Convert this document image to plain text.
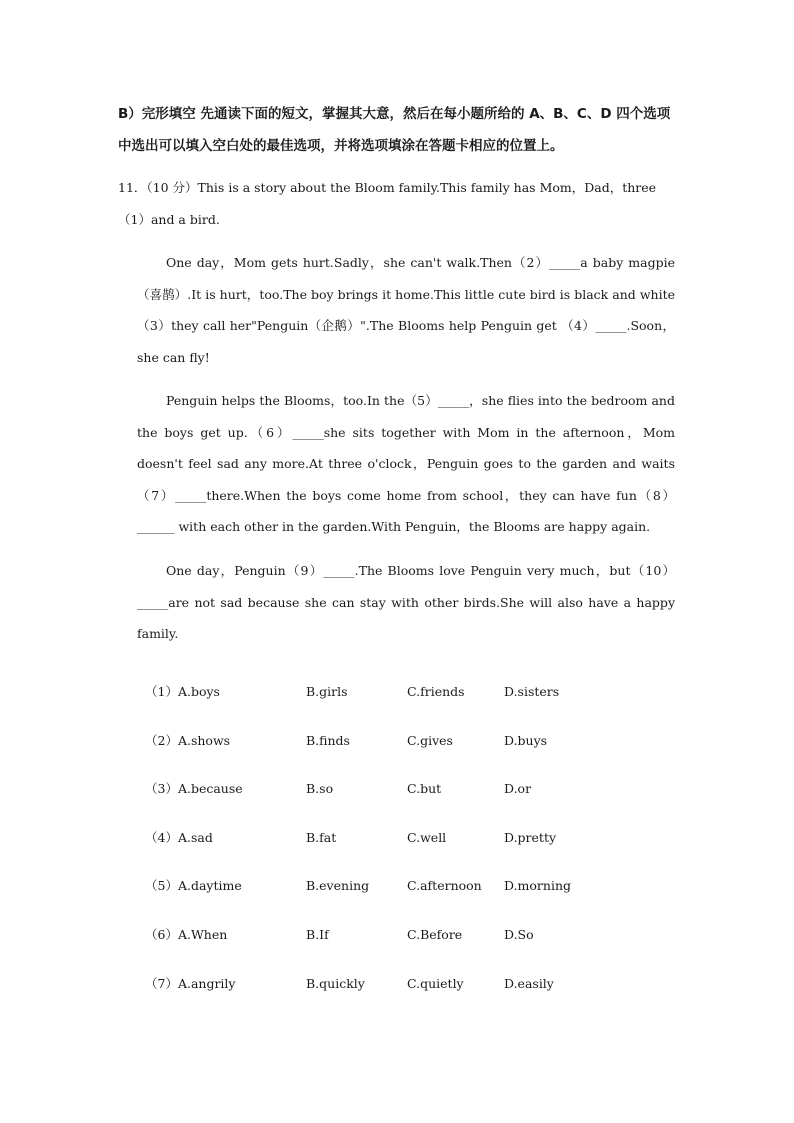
B）完形填空 先通读下面的短文，掌握其大意，然后在每小题所给的 A、B、C、D 四个选项中选出可以填入空白处的最佳选项，并将选项填涂在答题卡相应的位置上。

11．（10 分）This is a story about the Bloom family.This family has Mom，Dad，three（1）and a bird.

One day，Mom gets hurt.Sadly，she can't walk.Then（2）_____a baby magpie （喜鹊）.It is hurt，too.The boy brings it home.This little cute bird is black and white（3）they call her"Penguin（企鹅）".The Blooms help Penguin get （4）_____.Soon，she can fly!

Penguin helps the Blooms，too.In the（5）_____，she flies into the bedroom and the boys get up.（6）_____she sits together with Mom in the afternoon，Mom doesn't feel sad any more.At three o'clock，Penguin goes to the garden and waits （7）_____there.When the boys come home from school，they can have fun（8）______ with each other in the garden.With Penguin，the Blooms are happy again.

One day，Penguin（9）_____.The Blooms love Penguin very much，but（10）_____are not sad because she can stay with other birds.She will also have a happy family.

（1）A.boys	B.girls	C.friends	D.sisters
（2）A.shows	B.finds	C.gives	D.buys
（3）A.because	B.so	C.but	D.or
（4）A.sad	B.fat	C.well	D.pretty
（5）A.daytime	B.evening	C.afternoon D.morning
（6）A.When	B.If	C.Before	D.So
（7）A.angrily	B.quickly	C.quietly	D.easily
